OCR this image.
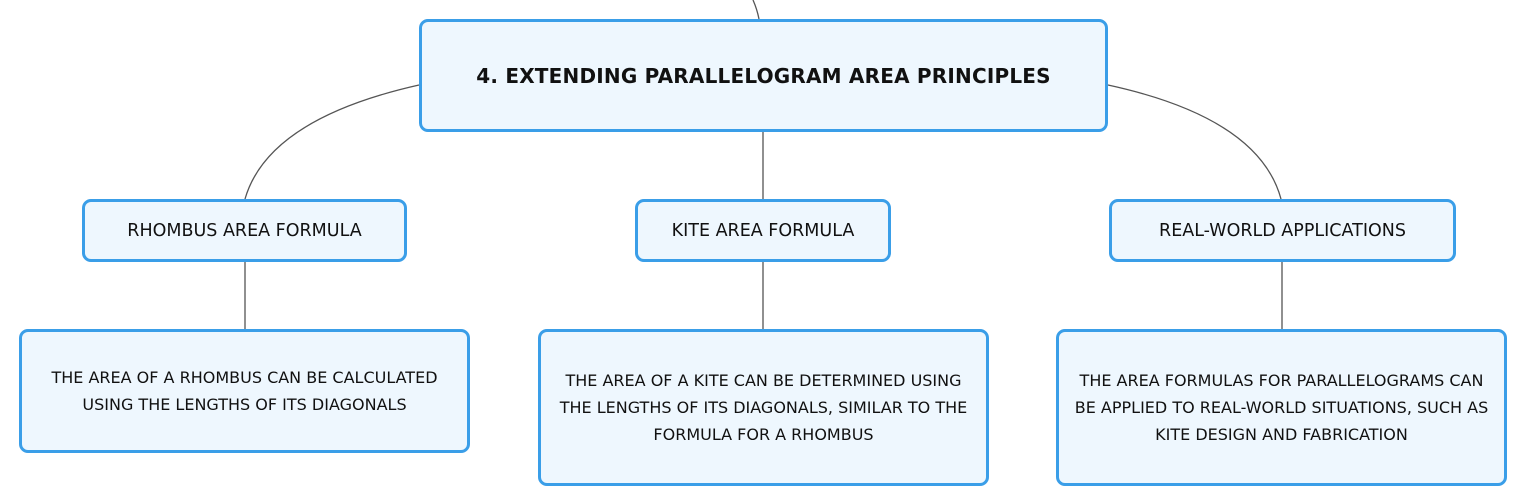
4. EXTENDING PARALLELOGRAM AREA PRINCIPLES
RHOMBUS AREA FORMULA	KITE AREA FORMULA	REAL-WORLD APPLICATIONS
THE AREA OF A RHOMBUS CAN BE CALCULATED USING THE LENGTHS OF ITS DIAGONALS
THE AREA OF A KITE CAN BE DETERMINED USING THE LENGTHS OF ITS DIAGONALS, SIMILAR TO THE FORMULA FOR A RHOMBUS
THE AREA FORMULAS FOR PARALLELOGRAMS CAN BE APPLIED TO REAL-WORLD SITUATIONS, SUCH AS KITE DESIGN AND FABRICATION
